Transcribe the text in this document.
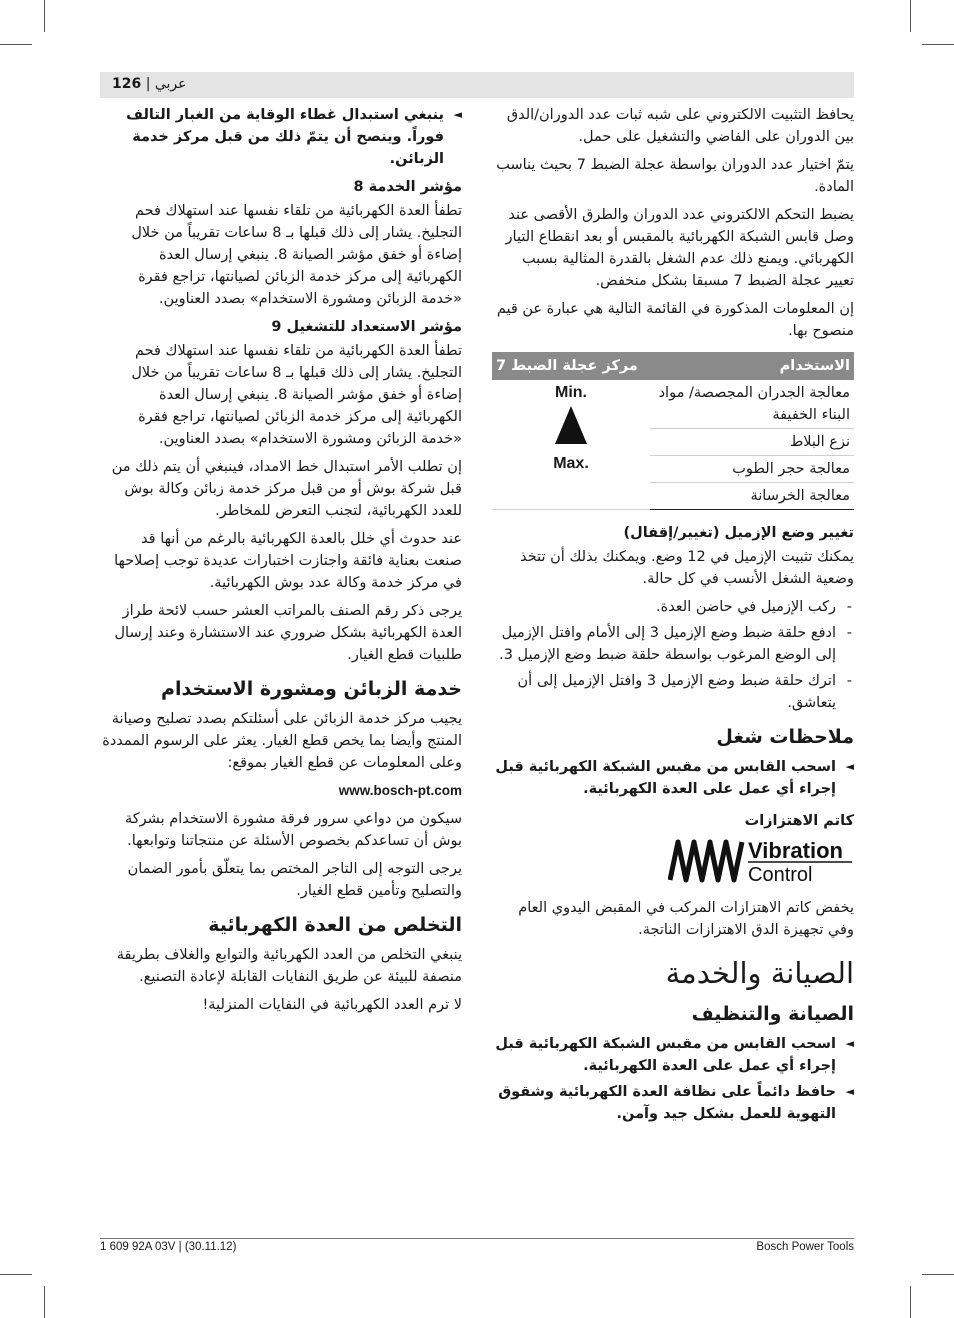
126 | عربي

يحافظ التثبيت الالكتروني على شبه ثبات عدد الدوران/الدق بين الدوران على الفاضي والتشغيل على حمل.

يتمّ اختيار عدد الدوران بواسطة عجلة الضبط 7 بحيث يناسب المادة.

يضبط التحكم الالكتروني عدد الدوران والطرق الأقصى عند وصل قابس الشبكة الكهربائية بالمقبس أو بعد انقطاع التيار الكهربائي. ويمنع ذلك عدم الشغل بالقدرة المثالية بسبب تعيير عجلة الضبط 7 مسبقا بشكل منخفض.

إن المعلومات المذكورة في القائمة التالية هي عبارة عن قيم منصوح بها.

الاستخدام	مركز عجلة الضبط 7
معالجة الجدران المجصصة/ مواد البناء الخفيفة	Min.
Max.

نزع البلاط	
معالجة حجر الطوب	
معالجة الخرسانة	
تغيير وضع الإزميل (تغيير/إقفال)

يمكنك تثبيت الإزميل في 12 وضع. ويمكنك بذلك أن تتخذ وضعية الشغل الأنسب في كل حالة.

- ركب الإزميل في حاضن العدة.

- ادفع حلقة ضبط وضع الإزميل 3 إلى الأمام وافتل الإزميل إلى الوضع المرغوب بواسطة حلقة ضبط وضع الإزميل 3.

- اترك حلقة ضبط وضع الإزميل 3 وافتل الإزميل إلى أن يتعاشق.

ملاحظات شغل

◄ اسحب القابس من مقبس الشبكة الكهربائية قبل إجراء أي عمل على العدة الكهربائية.

كاتم الاهتزازات
Vibration
Control

يخفض كاتم الاهتزازات المركب في المقبض اليدوي العام وفي تجهيزة الدق الاهتزازات الناتجة.

الصيانة والخدمة
الصيانة والتنظيف

◄ اسحب القابس من مقبس الشبكة الكهربائية قبل إجراء أي عمل على العدة الكهربائية.

◄ حافظ دائماً على نظافة العدة الكهربائية وشقوق التهوية للعمل بشكل جيد وآمن.

◄ ينبغي استبدال غطاء الوقاية من الغبار التالف فوراً. وينصح أن يتمّ ذلك من قبل مركز خدمة الزبائن.

مؤشر الخدمة 8

تطفأ العدة الكهربائية من تلقاء نفسها عند استهلاك فحم التجليخ. يشار إلى ذلك قبلها بـ 8 ساعات تقريباً من خلال إضاءة أو خفق مؤشر الصيانة 8. ينبغي إرسال العدة الكهربائية إلى مركز خدمة الزبائن لصيانتها، تراجع فقرة «خدمة الزبائن ومشورة الاستخدام» بصدد العناوين.

مؤشر الاستعداد للتشغيل 9

تطفأ العدة الكهربائية من تلقاء نفسها عند استهلاك فحم التجليخ. يشار إلى ذلك قبلها بـ 8 ساعات تقريباً من خلال إضاءة أو خفق مؤشر الصيانة 8. ينبغي إرسال العدة الكهربائية إلى مركز خدمة الزبائن لصيانتها، تراجع فقرة «خدمة الزبائن ومشورة الاستخدام» بصدد العناوين.

إن تطلب الأمر استبدال خط الامداد، فينبغي أن يتم ذلك من قبل شركة بوش أو من قبل مركز خدمة زبائن وكالة بوش للعدد الكهربائية، لتجنب التعرض للمخاطر.

عند حدوث أي خلل بالعدة الكهربائية بالرغم من أنها قد صنعت بعناية فائقة واجتازت اختبارات عديدة توجب إصلاحها في مركز خدمة وكالة عدد بوش الكهربائية.

يرجى ذكر رقم الصنف بالمراتب العشر حسب لائحة طراز العدة الكهربائية بشكل ضروري عند الاستشارة وعند إرسال طلبيات قطع الغيار.

خدمة الزبائن ومشورة الاستخدام

يجيب مركز خدمة الزبائن على أسئلتكم بصدد تصليح وصيانة المنتج وأيضا بما يخص قطع الغيار. يعثر على الرسوم الممددة وعلى المعلومات عن قطع الغيار بموقع:

www.bosch-pt.com

سيكون من دواعي سرور فرقة مشورة الاستخدام بشركة بوش أن تساعدكم بخصوص الأسئلة عن منتجاتنا وتوابعها.

يرجى التوجه إلى التاجر المختص بما يتعلّق بأمور الضمان والتصليح وتأمين قطع الغيار.

التخلص من العدة الكهربائية

ينبغي التخلص من العدد الكهربائية والتوابع والغلاف بطريقة منصفة للبيئة عن طريق النفايات القابلة لإعادة التصنيع.

لا ترم العدد الكهربائية في النفايات المنزلية!

1 609 92A 03V | (30.11.12)	Bosch Power Tools
